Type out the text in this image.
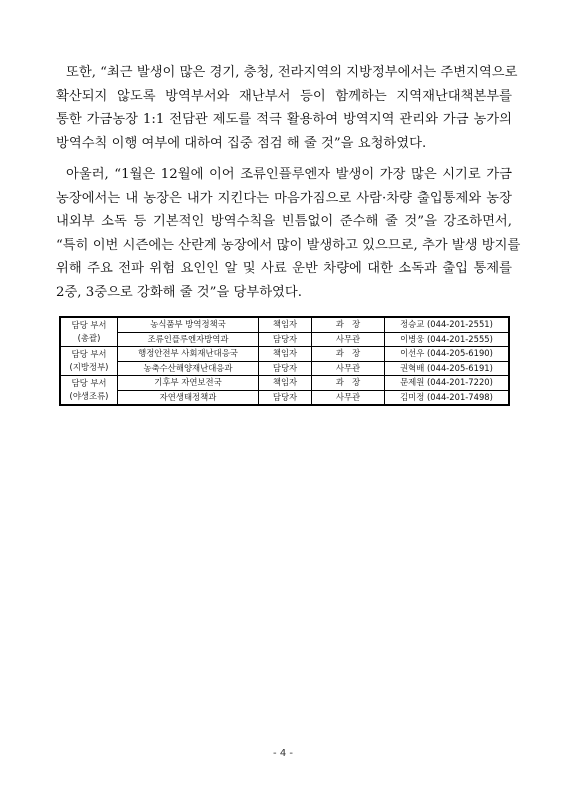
또한, “최근 발생이 많은 경기, 충청, 전라지역의 지방정부에서는 주변지역으로
확산되지 않도록 방역부서와 재난부서 등이 함께하는 지역재난대책본부를
통한 가금농장 1:1 전담관 제도를 적극 활용하여 방역지역 관리와 가금 농가의
방역수칙 이행 여부에 대하여 집중 점검 해 줄 것”을 요청하였다.
아울러, “1월은 12월에 이어 조류인플루엔자 발생이 가장 많은 시기로 가금
농장에서는 내 농장은 내가 지킨다는 마음가짐으로 사람·차량 출입통제와 농장
내외부 소독 등 기본적인 방역수칙을 빈틈없이 준수해 줄 것”을 강조하면서,
“특히 이번 시즌에는 산란계 농장에서 많이 발생하고 있으므로, 추가 발생 방지를
위해 주요 전파 위험 요인인 알 및 사료 운반 차량에 대한 소독과 출입 통제를
2중, 3중으로 강화해 줄 것”을 당부하였다.
담당 부서
(총괄)	농식품부 방역정책국	책임자	과　장	정승교 (044-201-2551)
	조류인플루엔자방역과	담당자	사무관	이병웅 (044-201-2555)

담당 부서
(지방정부)	행정안전부 사회재난대응국	책임자	과　장	이선우 (044-205-6190)
	농축수산해양재난대응과	담당자	사무관	권혁배 (044-205-6191)

담당 부서
(야생조류)	기후부 자연보전국	책임자	과　장	문제원 (044-201-7220)
	자연생태정책과	담당자	사무관	김미정 (044-201-7498)
- 4 -
